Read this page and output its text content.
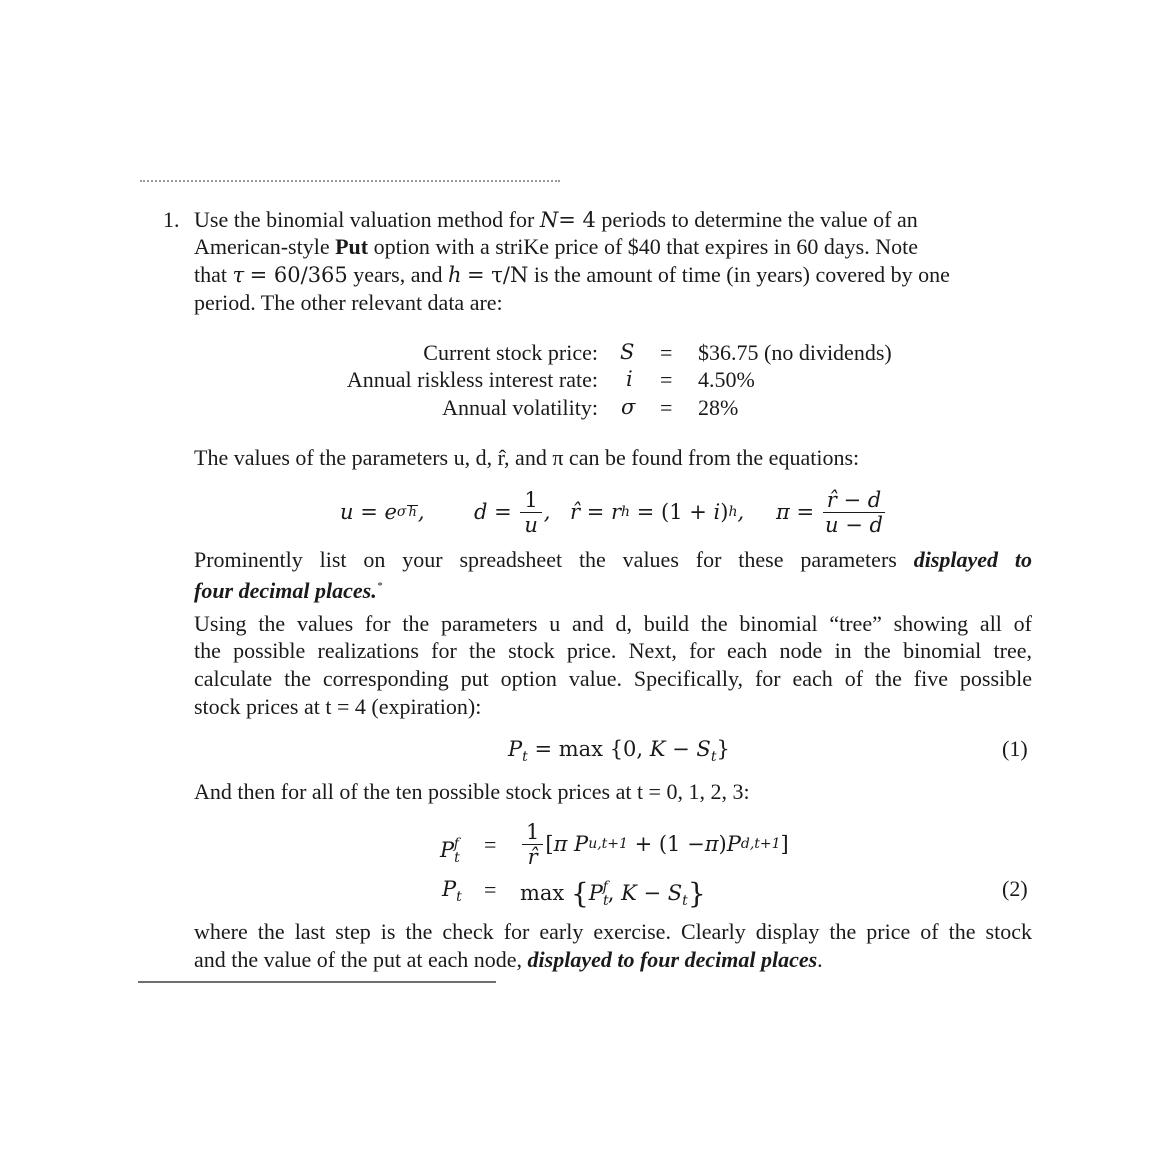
1. Use the binomial valuation method for N= 4 periods to determine the value of an
American-style Put option with a striKe price of $40 that expires in 60 days. Note
that τ = 60/365 years, and h = τ/N is the amount of time (in years) covered by one
period. The other relevant data are:
Current stock price: S = $36.75 (no dividends)
Annual riskless interest rate: i = 4.50%
Annual volatility: σ = 28%
The values of the parameters u, d, r̂, and π can be found from the equations:
u = e σ h , $d = \frac{1}{u}$ , r̂ = r h
= (1 + i ) h , $\pi = \frac{r̂ - d}{u - d}$
Prominently list on your spreadsheet the values for these parameters displayed to
four decimal places.*
Using the values for the parameters u and d, build the binomial “tree” showing all of
the possible realizations for the stock price. Next, for each node in the binomial tree,
calculate the corresponding put option value. Specifically, for each of the five possible
stock prices at t = 4 (expiration):
$P_t = \max \{0$, $K - S_t$}	(1)
And then for all of the ten possible stock prices at t = 0, 1, 2, 3:
$P_t^f = \frac{1}{r̂}$ [ π P u,t+1 + (1 − π ) P d,t+1 ]
$P_t = \max \{P_t^f$, $K - S_t$}	(2)
where the last step is the check for early exercise. Clearly display the price of the stock
and the value of the put at each node, displayed to four decimal places.
